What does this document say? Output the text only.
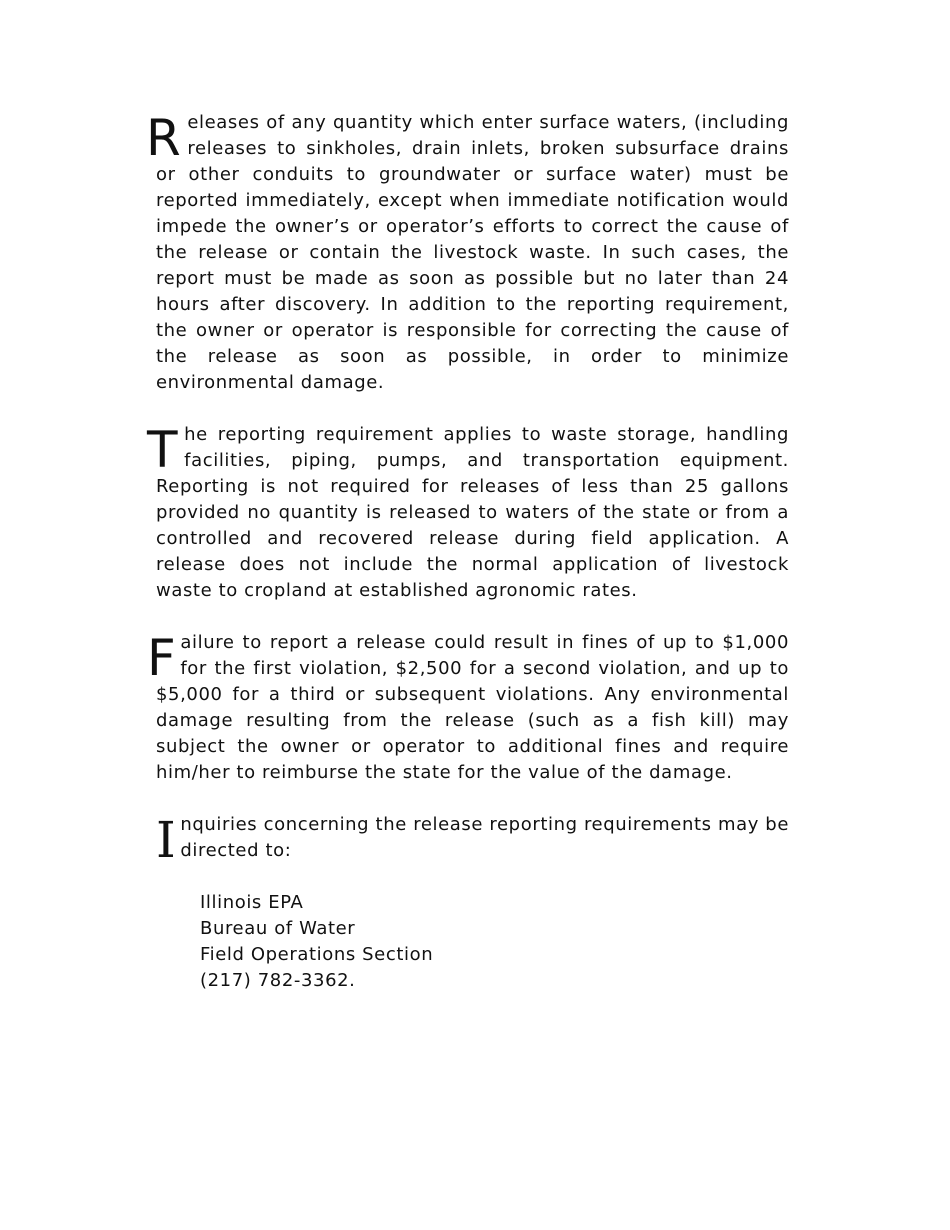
Releases of any quantity which enter surface waters, (including releases to sinkholes, drain inlets, broken subsurface drains or other conduits to groundwater or surface water) must be reported immediately, except when immediate notification would impede the owner’s or operator’s efforts to correct the cause of the release or contain the livestock waste. In such cases, the report must be made as soon as possible but no later than 24 hours after discovery. In addition to the reporting requirement, the owner or operator is responsible for correcting the cause of the release as soon as possible, in order to minimize environmental damage.

The reporting requirement applies to waste storage, handling facilities, piping, pumps, and transportation equipment. Reporting is not required for releases of less than 25 gallons provided no quantity is released to waters of the state or from a controlled and recovered release during field application. A release does not include the normal application of livestock waste to cropland at established agronomic rates.

Failure to report a release could result in fines of up to $1,000 for the first violation, $2,500 for a second violation, and up to $5,000 for a third or subsequent violations. Any environmental damage resulting from the release (such as a fish kill) may subject the owner or operator to additional fines and require him/her to reimburse the state for the value of the damage.

Inquiries concerning the release reporting requirements may be directed to:

Illinois EPA
Bureau of Water
Field Operations Section
(217) 782-3362.
